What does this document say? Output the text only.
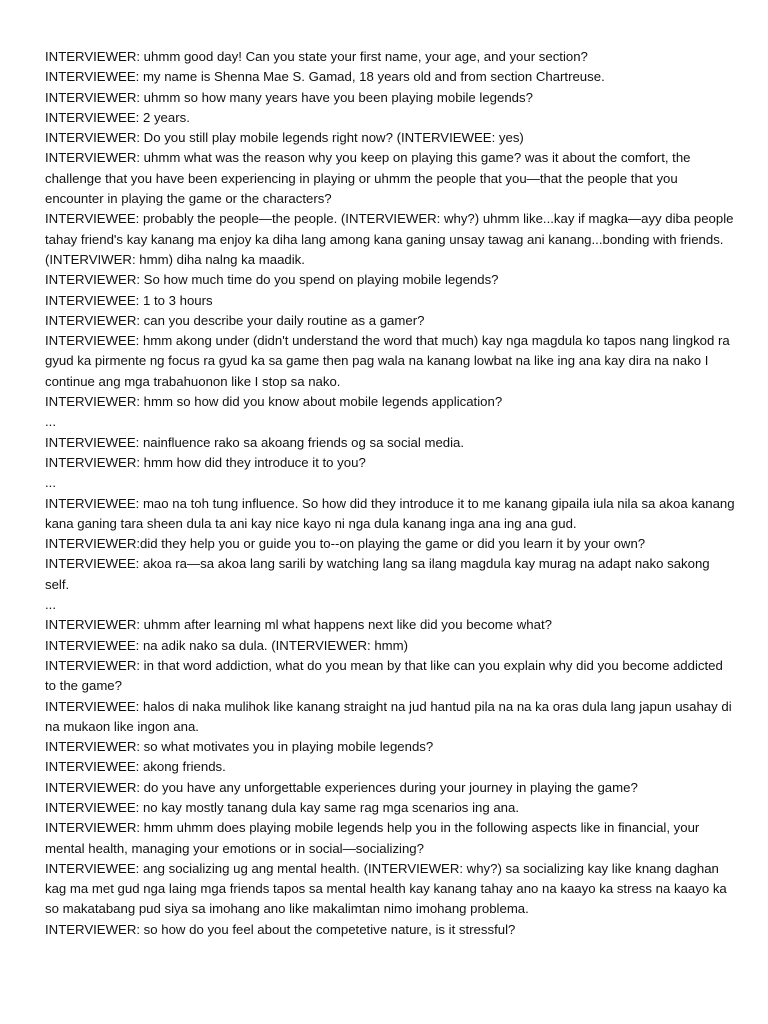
INTERVIEWER: uhmm good day! Can you state your first name, your age, and your section?

INTERVIEWEE: my name is Shenna Mae S. Gamad, 18 years old and from section Chartreuse.

INTERVIEWER: uhmm so how many years have you been playing mobile legends?

INTERVIEWEE: 2 years.

INTERVIEWER: Do you still play mobile legends right now? (INTERVIEWEE: yes)

INTERVIEWER: uhmm what was the reason why you keep on playing this game? was it about the comfort, the challenge that you have been experiencing in playing or uhmm the people that you—that the people that you encounter in playing the game or the characters?

INTERVIEWEE: probably the people—the people. (INTERVIEWER: why?) uhmm like...kay if magka—ayy diba people tahay friend's kay kanang ma enjoy ka diha lang among kana ganing unsay tawag ani kanang...bonding with friends. (INTERVIWER: hmm) diha nalng ka maadik.

INTERVIEWER: So how much time do you spend on playing mobile legends?

INTERVIEWEE: 1 to 3 hours

INTERVIEWER: can you describe your daily routine as a gamer?

INTERVIEWEE: hmm akong under (didn't understand the word that much) kay nga magdula ko tapos nang lingkod ra gyud ka pirmente ng focus ra gyud ka sa game then pag wala na kanang lowbat na like ing ana kay dira na nako I continue ang mga trabahuonon like I stop sa nako.

INTERVIEWER: hmm so how did you know about mobile legends application?

...

INTERVIEWEE: nainfluence rako sa akoang friends og sa social media.

INTERVIEWER: hmm how did they introduce it to you?

...

INTERVIEWEE: mao na toh tung influence. So how did they introduce it to me kanang gipaila iula nila sa akoa kanang kana ganing tara sheen dula ta ani kay nice kayo ni nga dula kanang inga ana ing ana gud.

INTERVIEWER:did they help you or guide you to--on playing the game or did you learn it by your own?

INTERVIEWEE: akoa ra—sa akoa lang sarili by watching lang sa ilang magdula kay murag na adapt nako sakong self.

...

INTERVIEWER: uhmm after learning ml what happens next like did you become what?

INTERVIEWEE: na adik nako sa dula. (INTERVIEWER: hmm)

INTERVIEWER: in that word addiction, what do you mean by that like can you explain why did you become addicted to the game?

INTERVIEWEE: halos di naka mulihok like kanang straight na jud hantud pila na na ka oras dula lang japun usahay di na mukaon like ingon ana.

INTERVIEWER: so what motivates you in playing mobile legends?

INTERVIEWEE: akong friends.

INTERVIEWER: do you have any unforgettable experiences during your journey in playing the game?

INTERVIEWEE: no kay mostly tanang dula kay same rag mga scenarios ing ana.

INTERVIEWER: hmm uhmm does playing mobile legends help you in the following aspects like in financial, your mental health, managing your emotions or in social—socializing?

INTERVIEWEE: ang socializing ug ang mental health. (INTERVIEWER: why?) sa socializing kay like knang daghan kag ma met gud nga laing mga friends tapos sa mental health kay kanang tahay ano na kaayo ka stress na kaayo ka so makatabang pud siya sa imohang ano like makalimtan nimo imohang problema.

INTERVIEWER: so how do you feel about the competetive nature, is it stressful?
